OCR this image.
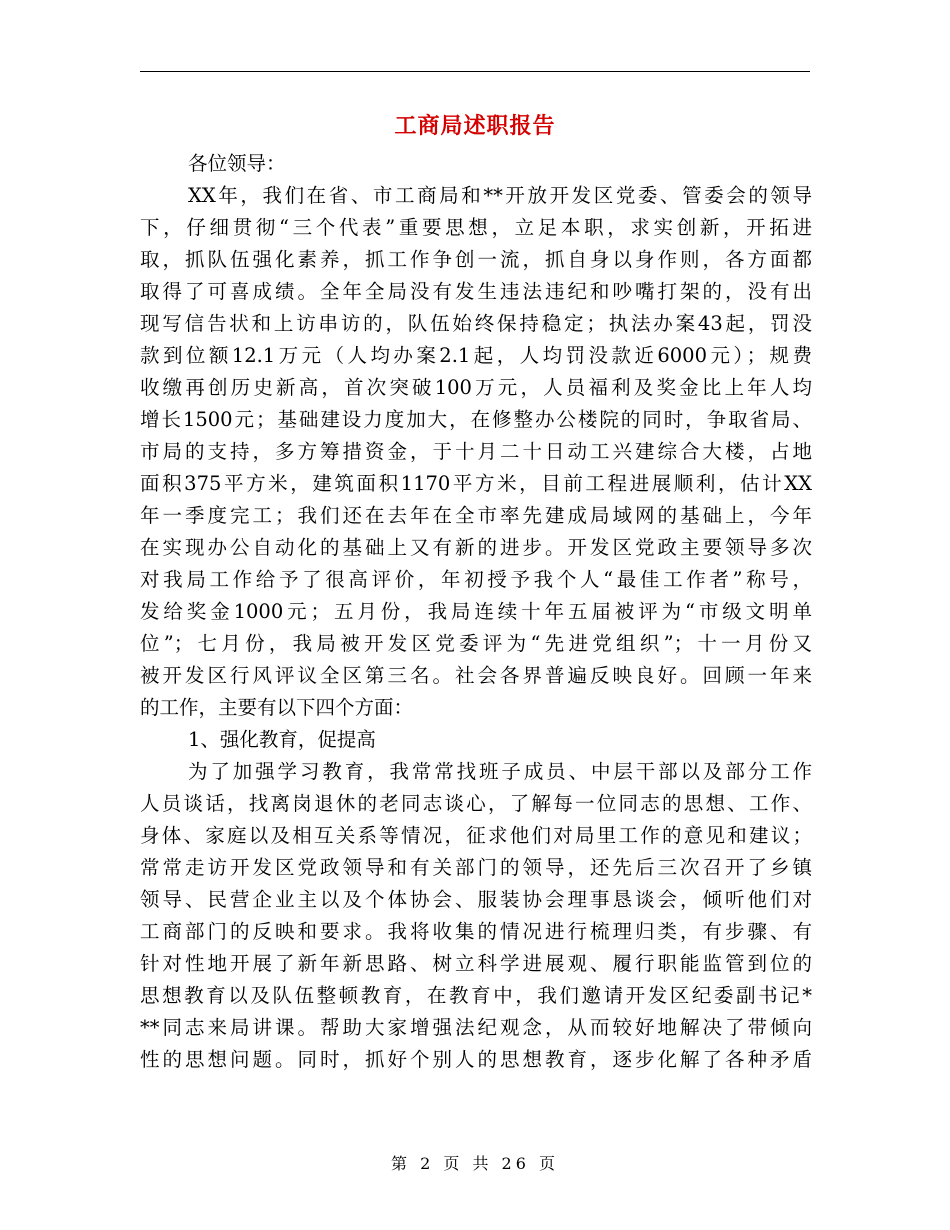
工商局述职报告
各位领导：
XX年，我们在省、市工商局和**开放开发区党委、管委会的领导
下，仔细贯彻“三个代表”重要思想，立足本职，求实创新，开拓进
取，抓队伍强化素养，抓工作争创一流，抓自身以身作则，各方面都
取得了可喜成绩。全年全局没有发生违法违纪和吵嘴打架的，没有出
现写信告状和上访串访的，队伍始终保持稳定；执法办案43起，罚没
款到位额12.1万元（人均办案2.1起，人均罚没款近6000元）；规费
收缴再创历史新高，首次突破100万元，人员福利及奖金比上年人均
增长1500元；基础建设力度加大，在修整办公楼院的同时，争取省局、
市局的支持，多方筹措资金，于十月二十日动工兴建综合大楼，占地
面积375平方米，建筑面积1170平方米，目前工程进展顺利，估计XX
年一季度完工；我们还在去年在全市率先建成局域网的基础上，今年
在实现办公自动化的基础上又有新的进步。开发区党政主要领导多次
对我局工作给予了很高评价，年初授予我个人“最佳工作者”称号，
发给奖金1000元；五月份，我局连续十年五届被评为“市级文明单
位”；七月份，我局被开发区党委评为“先进党组织”；十一月份又
被开发区行风评议全区第三名。社会各界普遍反映良好。回顾一年来
的工作，主要有以下四个方面：
1、强化教育，促提高
为了加强学习教育，我常常找班子成员、中层干部以及部分工作
人员谈话，找离岗退休的老同志谈心，了解每一位同志的思想、工作、
身体、家庭以及相互关系等情况，征求他们对局里工作的意见和建议；
常常走访开发区党政领导和有关部门的领导，还先后三次召开了乡镇
领导、民营企业主以及个体协会、服装协会理事恳谈会，倾听他们对
工商部门的反映和要求。我将收集的情况进行梳理归类，有步骤、有
针对性地开展了新年新思路、树立科学进展观、履行职能监管到位的
思想教育以及队伍整顿教育，在教育中，我们邀请开发区纪委副书记*
**同志来局讲课。帮助大家增强法纪观念，从而较好地解决了带倾向
性的思想问题。同时，抓好个别人的思想教育，逐步化解了各种矛盾
第 2 页 共 26 页
